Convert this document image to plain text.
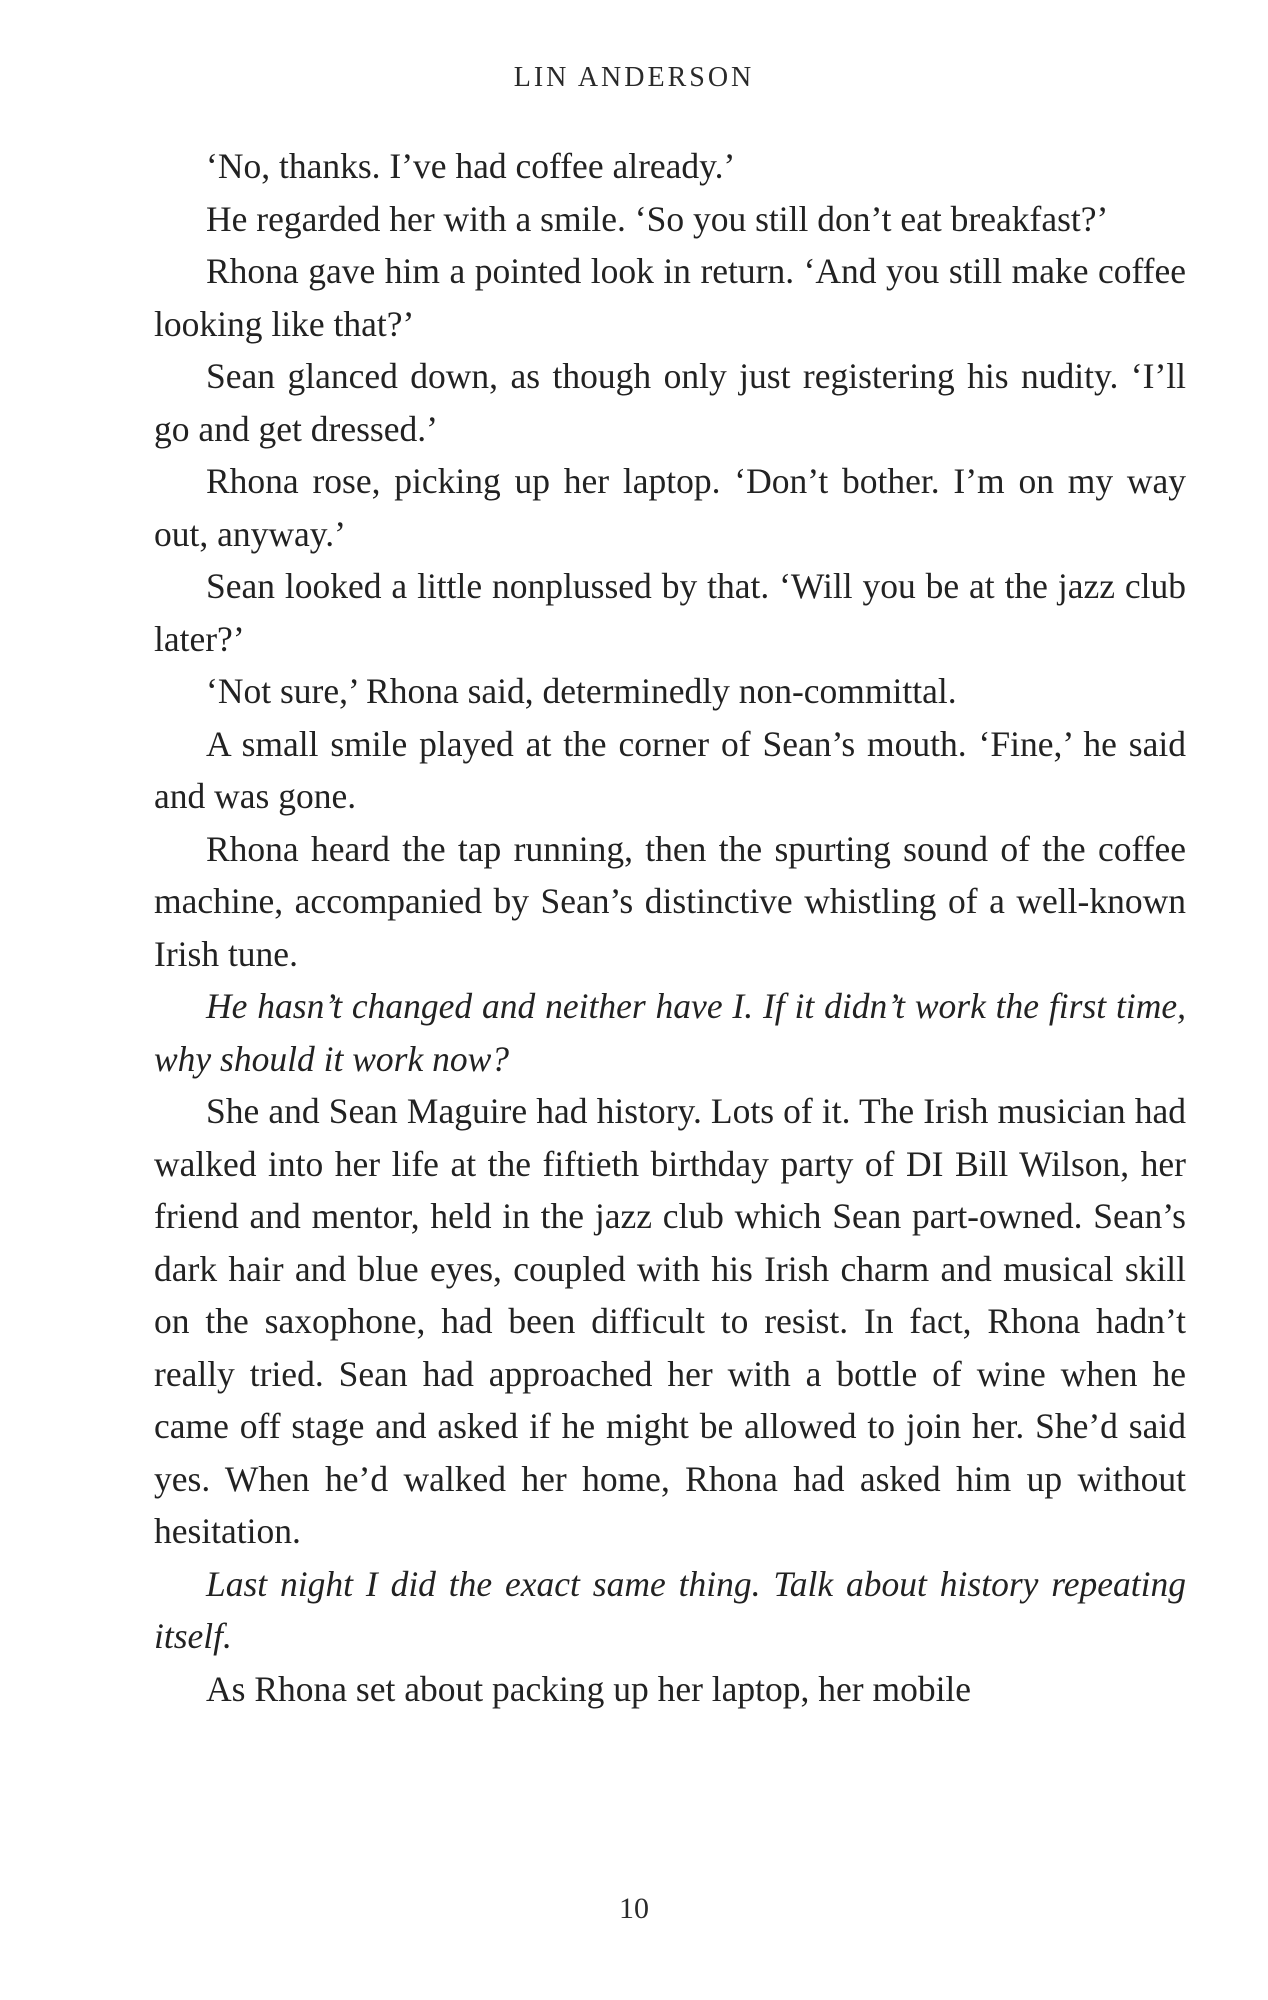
LIN ANDERSON

‘No, thanks. I’ve had coffee already.’

He regarded her with a smile. ‘So you still don’t eat breakfast?’

Rhona gave him a pointed look in return. ‘And you still make coffee looking like that?’

Sean glanced down, as though only just registering his nudity. ‘I’ll go and get dressed.’

Rhona rose, picking up her laptop. ‘Don’t bother. I’m on my way out, anyway.’

Sean looked a little nonplussed by that. ‘Will you be at the jazz club later?’

‘Not sure,’ Rhona said, determinedly non-committal.

A small smile played at the corner of Sean’s mouth. ‘Fine,’ he said and was gone.

Rhona heard the tap running, then the spurting sound of the coffee machine, accompanied by Sean’s distinctive whistling of a well-known Irish tune.

He hasn’t changed and neither have I. If it didn’t work the first time, why should it work now?

She and Sean Maguire had history. Lots of it. The Irish musician had walked into her life at the fiftieth birthday party of DI Bill Wilson, her friend and mentor, held in the jazz club which Sean part-owned. Sean’s dark hair and blue eyes, coupled with his Irish charm and musical skill on the saxophone, had been difficult to resist. In fact, Rhona hadn’t really tried. Sean had approached her with a bottle of wine when he came off stage and asked if he might be allowed to join her. She’d said yes. When he’d walked her home, Rhona had asked him up without hesitation.

Last night I did the exact same thing. Talk about history repeating itself.

As Rhona set about packing up her laptop, her mobile

10
